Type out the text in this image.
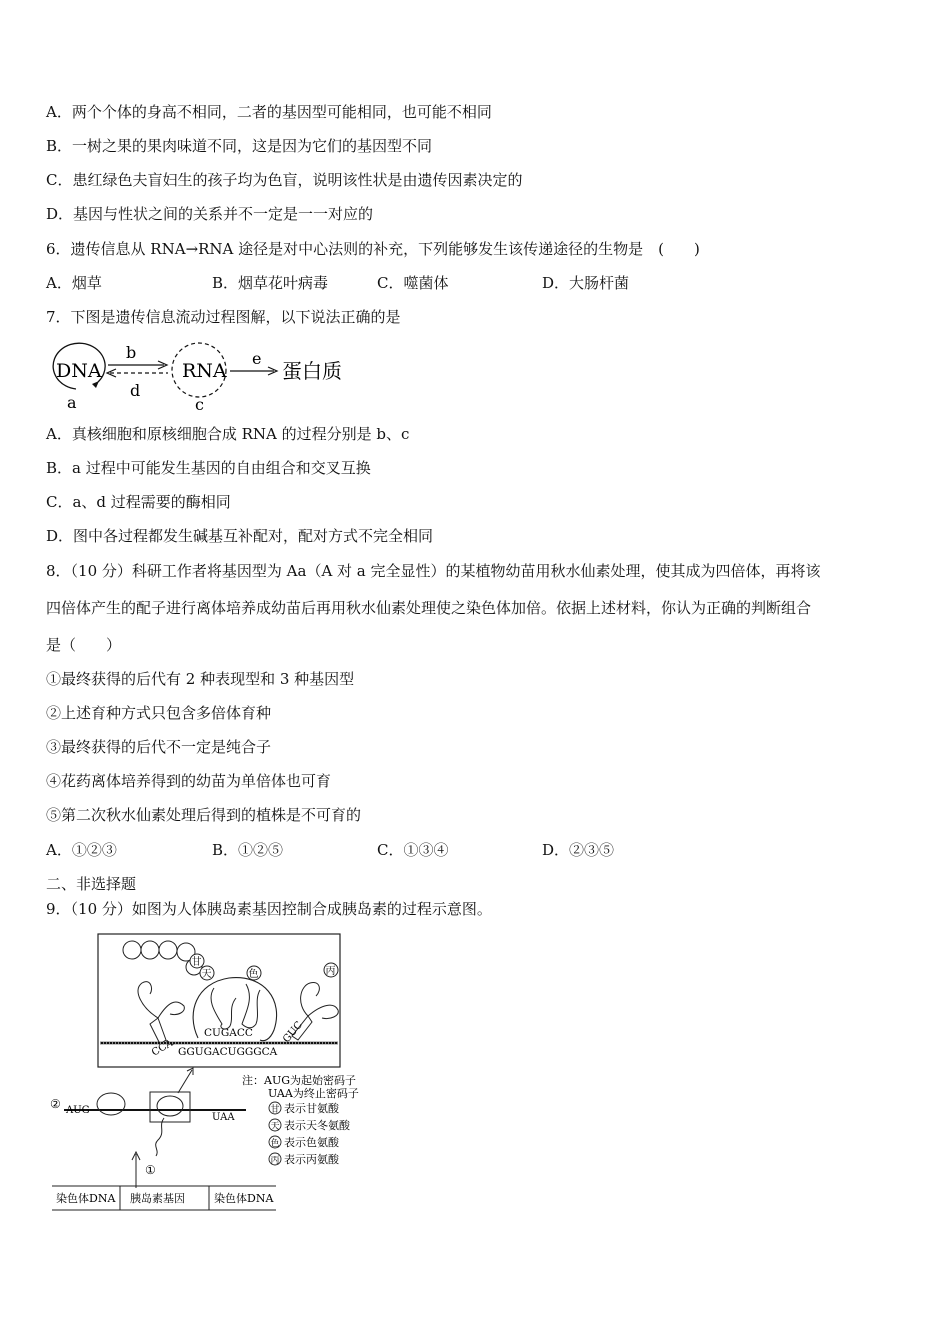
A．两个个体的身高不相同，二者的基因型可能相同，也可能不相同
B．一树之果的果肉味道不同，这是因为它们的基因型不同
C．患红绿色夫盲妇生的孩子均为色盲，说明该性状是由遗传因素决定的
D．基因与性状之间的关系并不一定是一一对应的
6．遗传信息从 RNA→RNA 途径是对中心法则的补充，下列能够发生该传递途径的生物是　(　　)
A．烟草	B．烟草花叶病毒	C．噬菌体	D．大肠杆菌
7．下图是遗传信息流动过程图解，以下说法正确的是
DNA
a
b
d
RNA
c
e
蛋白质
A．真核细胞和原核细胞合成 RNA 的过程分别是 b、c
B．a 过程中可能发生基因的自由组合和交叉互换
C．a、d 过程需要的酶相同
D．图中各过程都发生碱基互补配对，配对方式不完全相同
8．（10 分）科研工作者将基因型为 Aa（A 对 a 完全显性）的某植物幼苗用秋水仙素处理，使其成为四倍体，再将该
四倍体产生的配子进行离体培养成幼苗后再用秋水仙素处理使之染色体加倍。依据上述材料，你认为正确的判断组合
是（　　）
①最终获得的后代有 2 种表现型和 3 种基因型
②上述育种方式只包含多倍体育种
③最终获得的后代不一定是纯合子
④花药离体培养得到的幼苗为单倍体也可育
⑤第二次秋水仙素处理后得到的植株是不可育的
A．①②③	B．①②⑤	C．①③④	D．②③⑤
二、非选择题
9．（10 分）如图为人体胰岛素基因控制合成胰岛素的过程示意图。
甘
天	色	丙
CCA
GUC
CUGACC
GGUGACUGGGCA
注：AUG为起始密码子
UAA为终止密码子
甘 表示甘氨酸
天 表示天冬氨酸
色 表示色氨酸
丙 表示丙氨酸
② AUG
UAA
①
染色体DNA 胰岛素基因	染色体DNA
